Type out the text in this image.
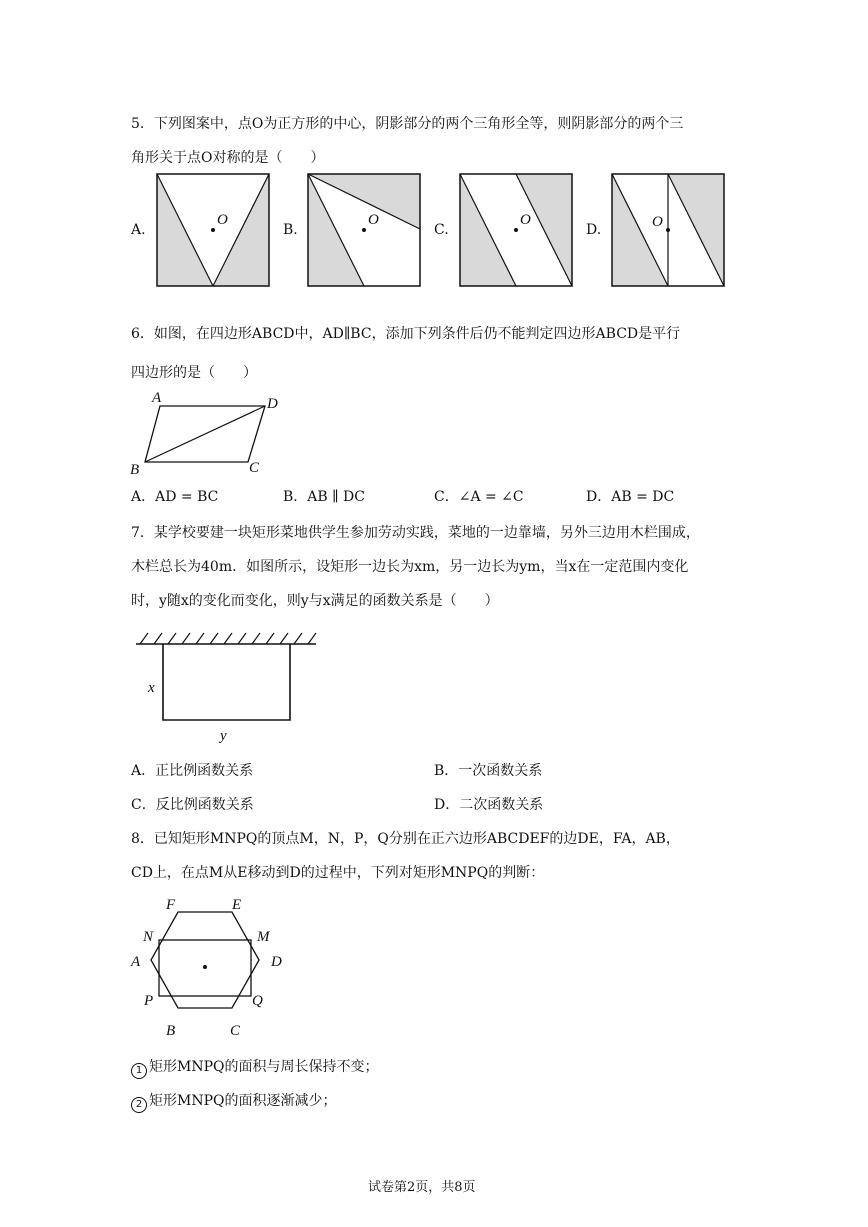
5．下列图案中，点O为正方形的中心，阴影部分的两个三角形全等，则阴影部分的两个三
角形关于点O对称的是（　　）
A.
O
B.
O
C.
O
D.	O
6．如图，在四边形ABCD中，AD∥BC，添加下列条件后仍不能判定四边形ABCD是平行
四边形的是（　　）
A	D
B	C
A．AD = BC	B．AB ∥ DC	C．∠A = ∠C	D．AB = DC
7．某学校要建一块矩形菜地供学生参加劳动实践，菜地的一边靠墙，另外三边用木栏围成，
木栏总长为40m．如图所示，设矩形一边长为xm，另一边长为ym，当x在一定范围内变化
时，y随x的变化而变化，则y与x满足的函数关系是（　　）
x
y
A．正比例函数关系	B．一次函数关系
C．反比例函数关系	D．二次函数关系
8．已知矩形MNPQ的顶点M，N，P，Q分别在正六边形ABCDEF的边DE，FA，AB，
CD上，在点M从E移动到D的过程中，下列对矩形MNPQ的判断：
F	E
N	M
A	D
P	Q
B	C
1 矩形MNPQ的面积与周长保持不变；
2 矩形MNPQ的面积逐渐减少；
试卷第2页，共8页
